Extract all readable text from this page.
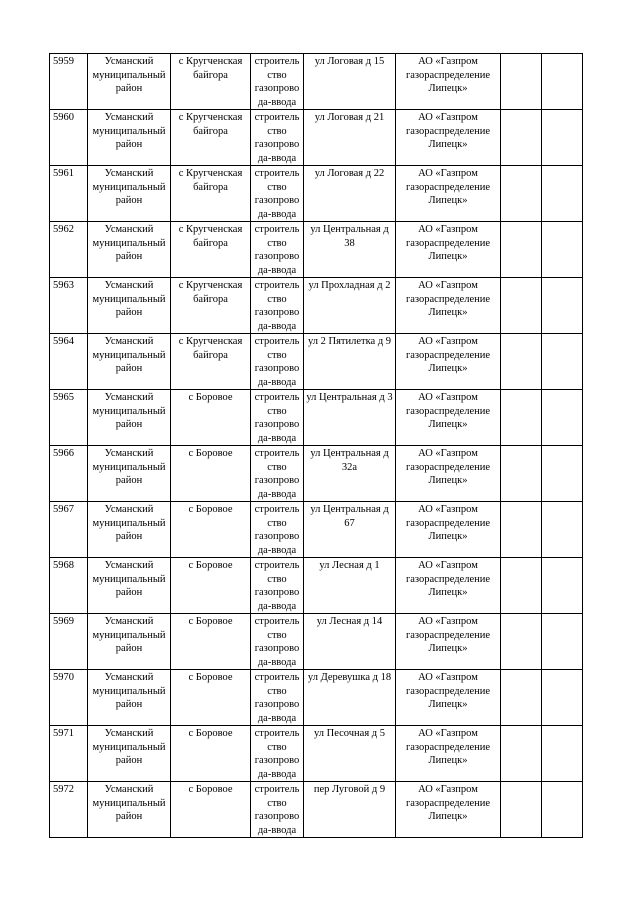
5959	Усманский муниципальный район	с Кругченская байгора	строитель ство газопрово да-ввода	ул Логовая д 15	АО «Газпром газораспределение Липецк»		
5960	Усманский муниципальный район	с Кругченская байгора	строитель ство газопрово да-ввода	ул Логовая д 21	АО «Газпром газораспределение Липецк»		
5961	Усманский муниципальный район	с Кругченская байгора	строитель ство газопрово да-ввода	ул Логовая д 22	АО «Газпром газораспределение Липецк»		
5962	Усманский муниципальный район	с Кругченская байгора	строитель ство газопрово да-ввода	ул Центральная д 38	АО «Газпром газораспределение Липецк»		
5963	Усманский муниципальный район	с Кругченская байгора	строитель ство газопрово да-ввода	ул Прохладная д 2	АО «Газпром газораспределение Липецк»		
5964	Усманский муниципальный район	с Кругченская байгора	строитель ство газопрово да-ввода	ул 2 Пятилетка д 9	АО «Газпром газораспределение Липецк»		
5965	Усманский муниципальный район	с Боровое	строитель ство газопрово да-ввода	ул Центральная д 3	АО «Газпром газораспределение Липецк»		
5966	Усманский муниципальный район	с Боровое	строитель ство газопрово да-ввода	ул Центральная д 32а	АО «Газпром газораспределение Липецк»		
5967	Усманский муниципальный район	с Боровое	строитель ство газопрово да-ввода	ул Центральная д 67	АО «Газпром газораспределение Липецк»		
5968	Усманский муниципальный район	с Боровое	строитель ство газопрово да-ввода	ул Лесная д 1	АО «Газпром газораспределение Липецк»		
5969	Усманский муниципальный район	с Боровое	строитель ство газопрово да-ввода	ул Лесная д 14	АО «Газпром газораспределение Липецк»		
5970	Усманский муниципальный район	с Боровое	строитель ство газопрово да-ввода	ул Деревушка д 18	АО «Газпром газораспределение Липецк»		
5971	Усманский муниципальный район	с Боровое	строитель ство газопрово да-ввода	ул Песочная д 5	АО «Газпром газораспределение Липецк»		
5972	Усманский муниципальный район	с Боровое	строитель ство газопрово да-ввода	пер Луговой д 9	АО «Газпром газораспределение Липецк»		
